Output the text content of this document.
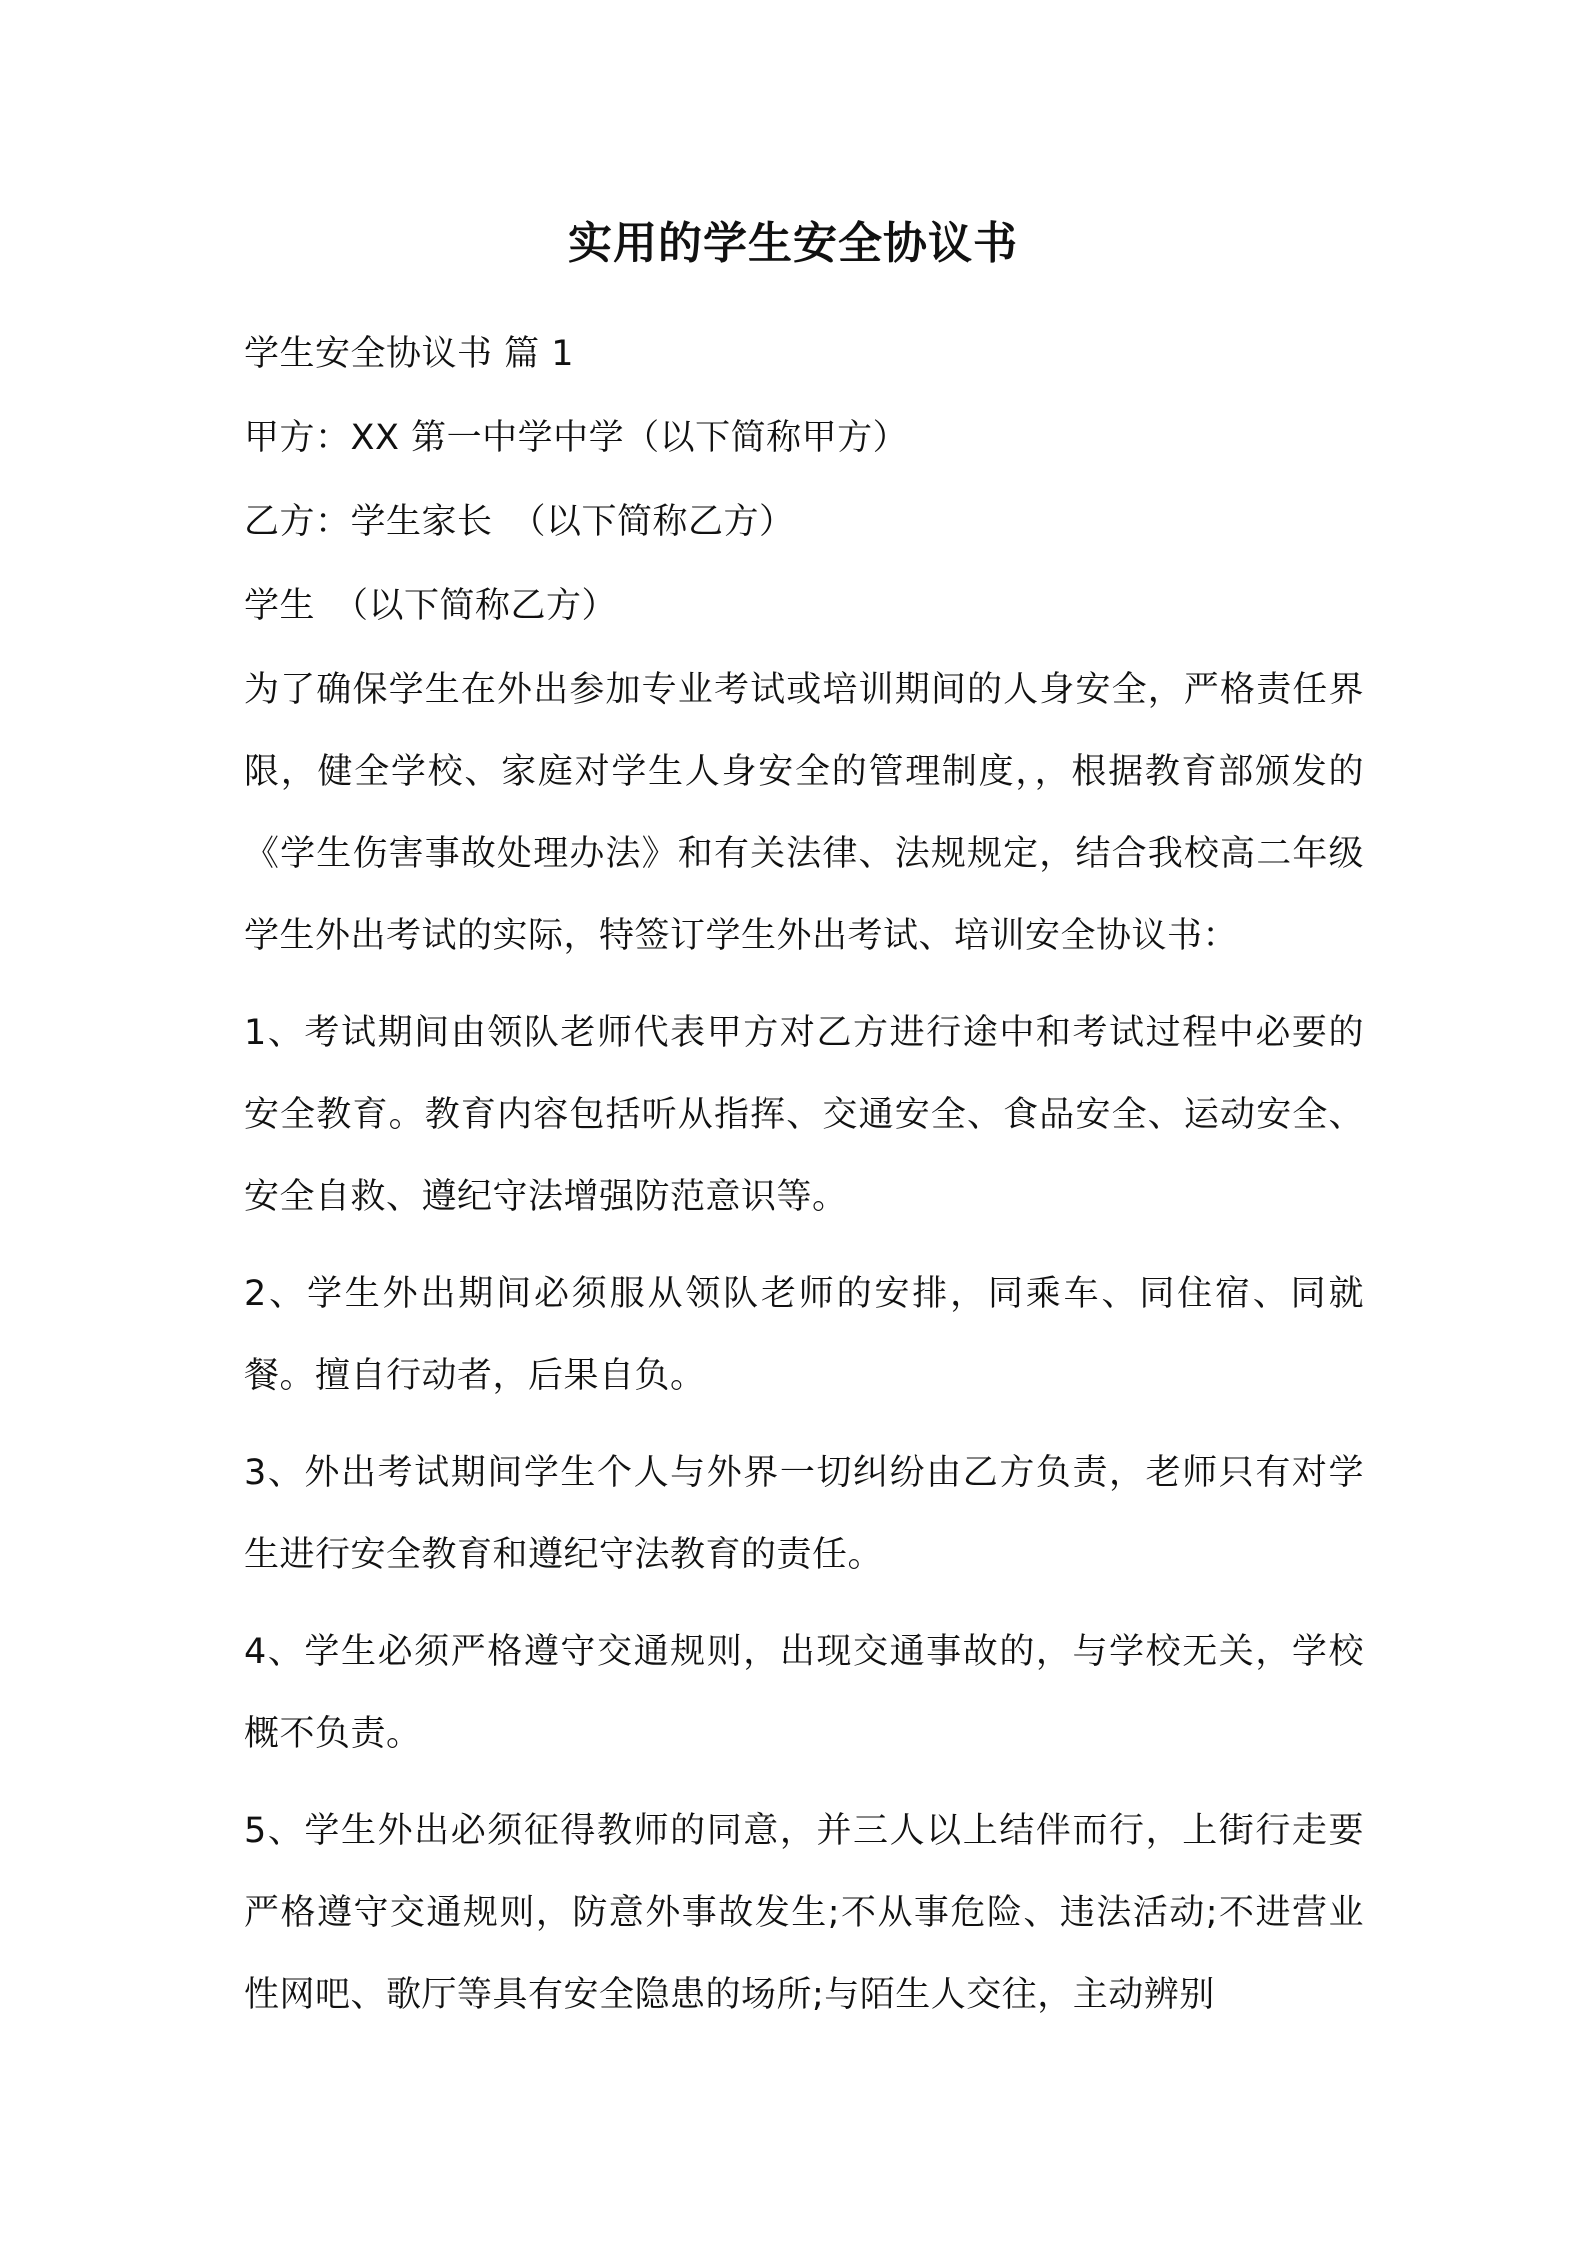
实用的学生安全协议书

学生安全协议书 篇 1

甲方：XX 第一中学中学（以下简称甲方）

乙方：学生家长　（以下简称乙方）

学生　（以下简称乙方）

为了确保学生在外出参加专业考试或培训期间的人身安全，严格责任界限，健全学校、家庭对学生人身安全的管理制度，，根据教育部颁发的《学生伤害事故处理办法》和有关法律、法规规定，结合我校高二年级学生外出考试的实际，特签订学生外出考试、培训安全协议书：

1、考试期间由领队老师代表甲方对乙方进行途中和考试过程中必要的安全教育。教育内容包括听从指挥、交通安全、食品安全、运动安全、安全自救、遵纪守法增强防范意识等。

2、学生外出期间必须服从领队老师的安排，同乘车、同住宿、同就餐。擅自行动者，后果自负。

3、外出考试期间学生个人与外界一切纠纷由乙方负责，老师只有对学生进行安全教育和遵纪守法教育的责任。

4、学生必须严格遵守交通规则，出现交通事故的，与学校无关，学校概不负责。

5、学生外出必须征得教师的同意，并三人以上结伴而行，上街行走要严格遵守交通规则，防意外事故发生;不从事危险、违法活动;不进营业性网吧、歌厅等具有安全隐患的场所;与陌生人交往，主动辨别
